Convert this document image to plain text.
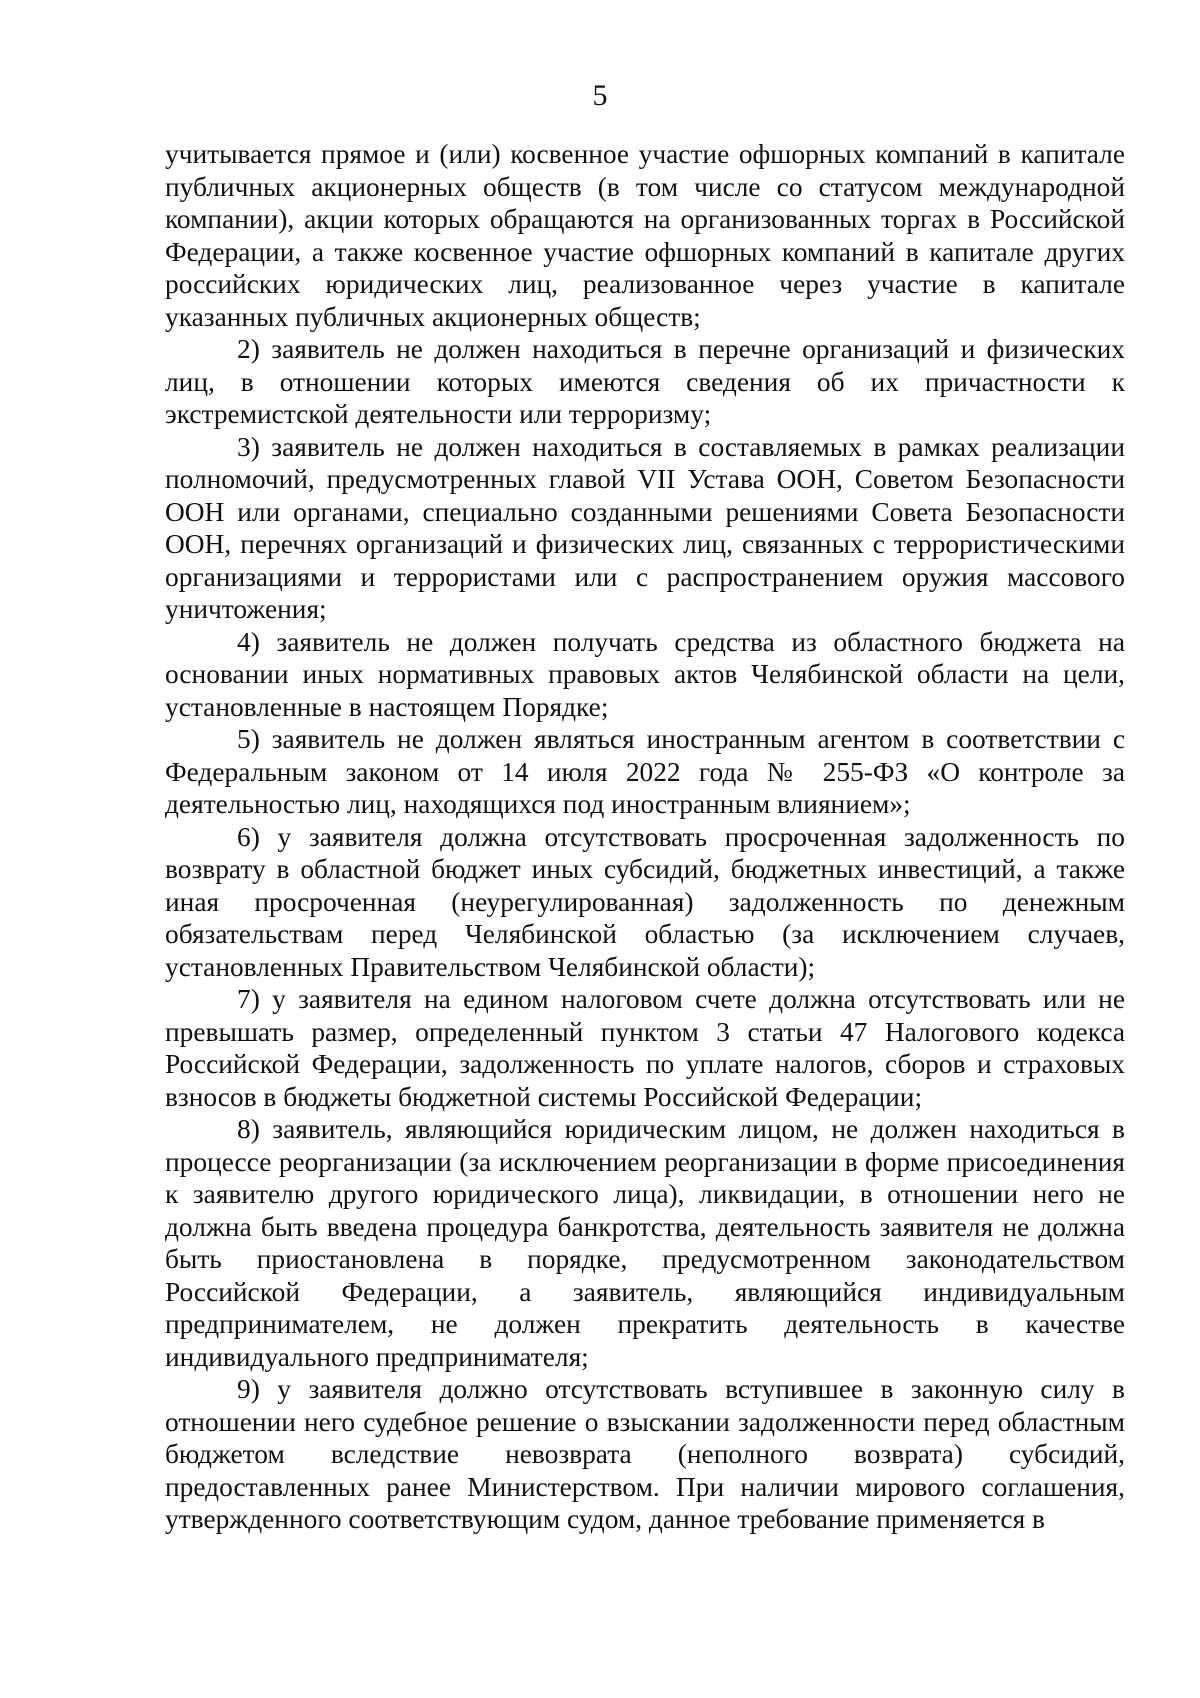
5

учитывается прямое и (или) косвенное участие офшорных компаний в капитале публичных акционерных обществ (в том числе со статусом международной компании), акции которых обращаются на организованных торгах в Российской Федерации, а также косвенное участие офшорных компаний в капитале других российских юридических лиц, реализованное через участие в капитале указанных публичных акционерных обществ;

2) заявитель не должен находиться в перечне организаций и физических лиц, в отношении которых имеются сведения об их причастности к экстремистской деятельности или терроризму;

3) заявитель не должен находиться в составляемых в рамках реализации полномочий, предусмотренных главой VII Устава ООН, Советом Безопасности ООН или органами, специально созданными решениями Совета Безопасности ООН, перечнях организаций и физических лиц, связанных с террористическими организациями и террористами или с распространением оружия массового уничтожения;

4) заявитель не должен получать средства из областного бюджета на основании иных нормативных правовых актов Челябинской области на цели, установленные в настоящем Порядке;

5) заявитель не должен являться иностранным агентом в соответствии с Федеральным законом от 14 июля 2022 года № 255-ФЗ «О контроле за деятельностью лиц, находящихся под иностранным влиянием»;

6) у заявителя должна отсутствовать просроченная задолженность по возврату в областной бюджет иных субсидий, бюджетных инвестиций, а также иная просроченная (неурегулированная) задолженность по денежным обязательствам перед Челябинской областью (за исключением случаев, установленных Правительством Челябинской области);

7) у заявителя на едином налоговом счете должна отсутствовать или не превышать размер, определенный пунктом 3 статьи 47 Налогового кодекса Российской Федерации, задолженность по уплате налогов, сборов и страховых взносов в бюджеты бюджетной системы Российской Федерации;

8) заявитель, являющийся юридическим лицом, не должен находиться в процессе реорганизации (за исключением реорганизации в форме присоединения к заявителю другого юридического лица), ликвидации, в отношении него не должна быть введена процедура банкротства, деятельность заявителя не должна быть приостановлена в порядке, предусмотренном законодательством Российской Федерации, а заявитель, являющийся индивидуальным предпринимателем, не должен прекратить деятельность в качестве индивидуального предпринимателя;

9) у заявителя должно отсутствовать вступившее в законную силу в отношении него судебное решение о взыскании задолженности перед областным бюджетом вследствие невозврата (неполного возврата) субсидий, предоставленных ранее Министерством. При наличии мирового соглашения, утвержденного соответствующим судом, данное требование применяется в
